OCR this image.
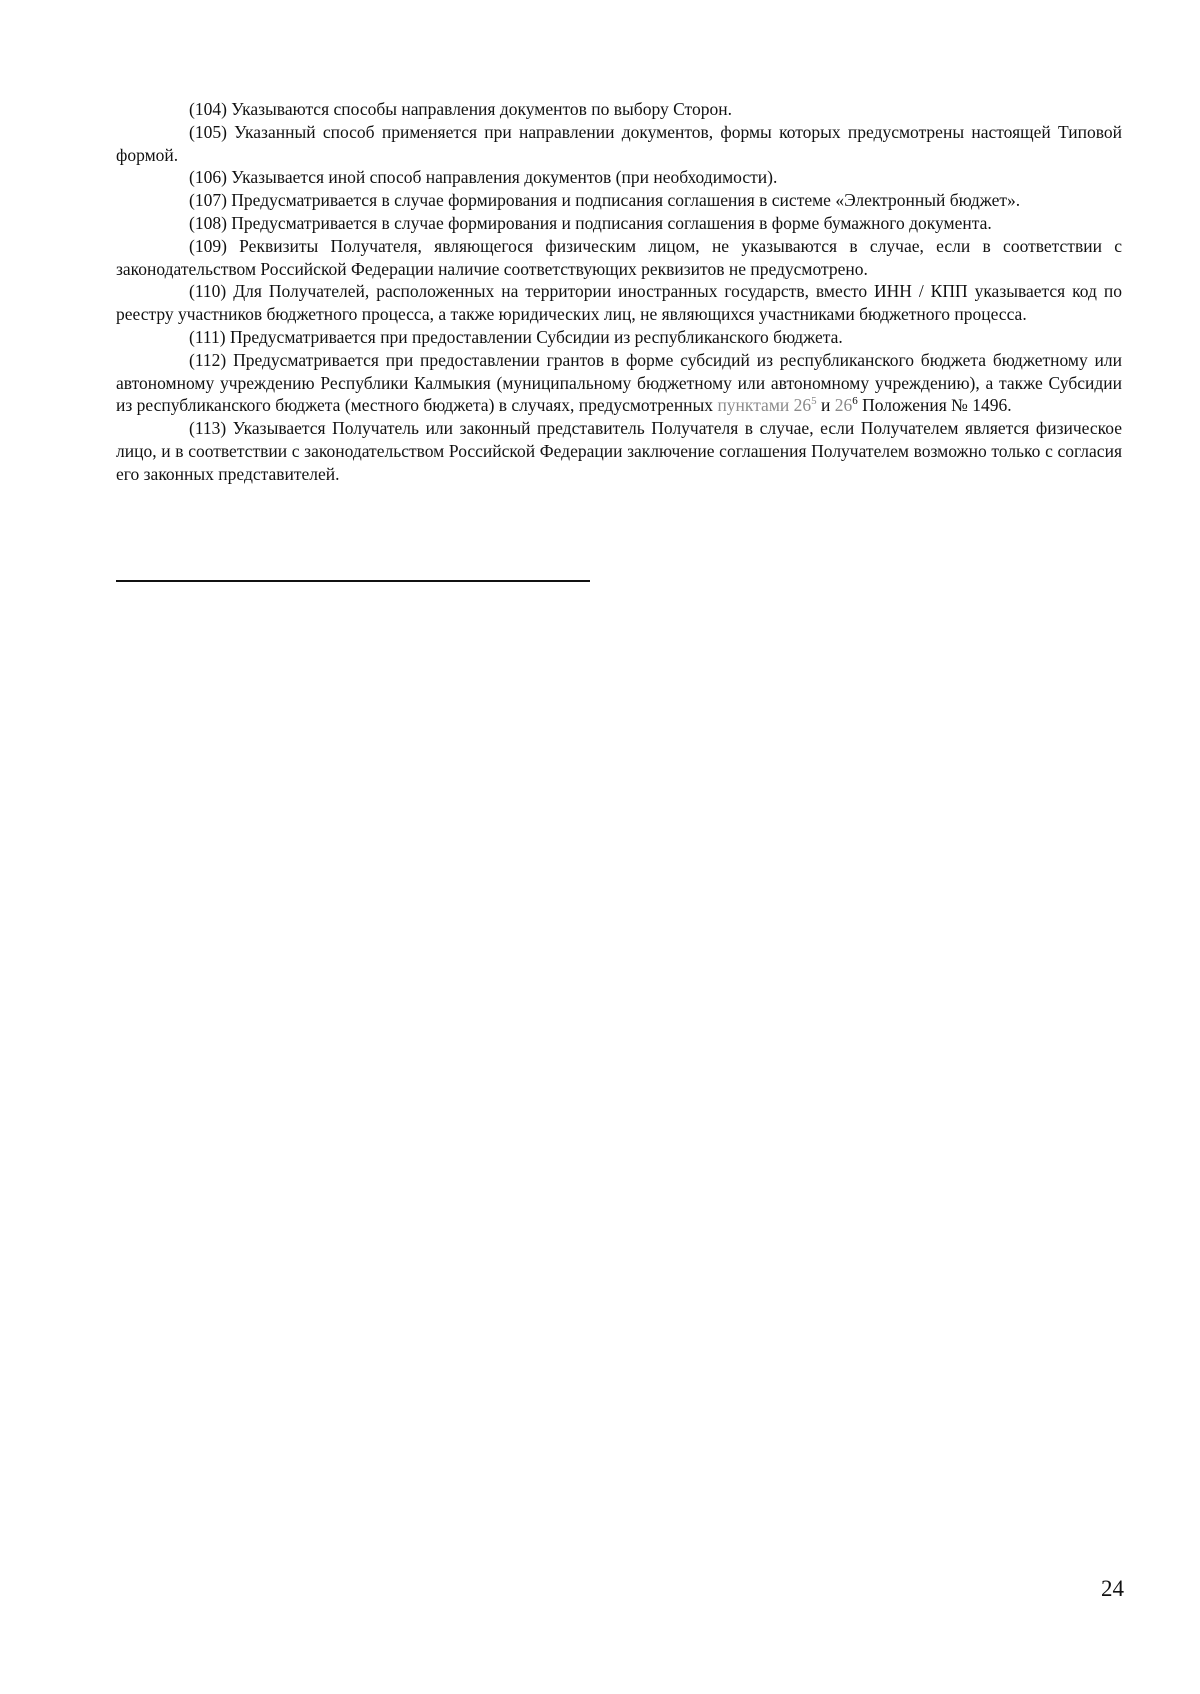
(104) Указываются способы направления документов по выбору Сторон.

(105) Указанный способ применяется при направлении документов, формы которых предусмотрены настоящей Типовой формой.

(106) Указывается иной способ направления документов (при необходимости).

(107) Предусматривается в случае формирования и подписания соглашения в системе «Электронный бюджет».

(108) Предусматривается в случае формирования и подписания соглашения в форме бумажного документа.

(109) Реквизиты Получателя, являющегося физическим лицом, не указываются в случае, если в соответствии с законодательством Российской Федерации наличие соответствующих реквизитов не предусмотрено.

(110) Для Получателей, расположенных на территории иностранных государств, вместо ИНН / КПП указывается код по реестру участников бюджетного процесса, а также юридических лиц, не являющихся участниками бюджетного процесса.

(111) Предусматривается при предоставлении Субсидии из республиканского бюджета.

(112) Предусматривается при предоставлении грантов в форме субсидий из республиканского бюджета бюджетному или автономному учреждению Республики Калмыкия (муниципальному бюджетному или автономному учреждению), а также Субсидии из республиканского бюджета (местного бюджета) в случаях, предусмотренных пунктами $26^5$ и $26^6$ Положения № 1496.

(113) Указывается Получатель или законный представитель Получателя в случае, если Получателем является физическое лицо, и в соответствии с законодательством Российской Федерации заключение соглашения Получателем возможно только с согласия его законных представителей.

24
